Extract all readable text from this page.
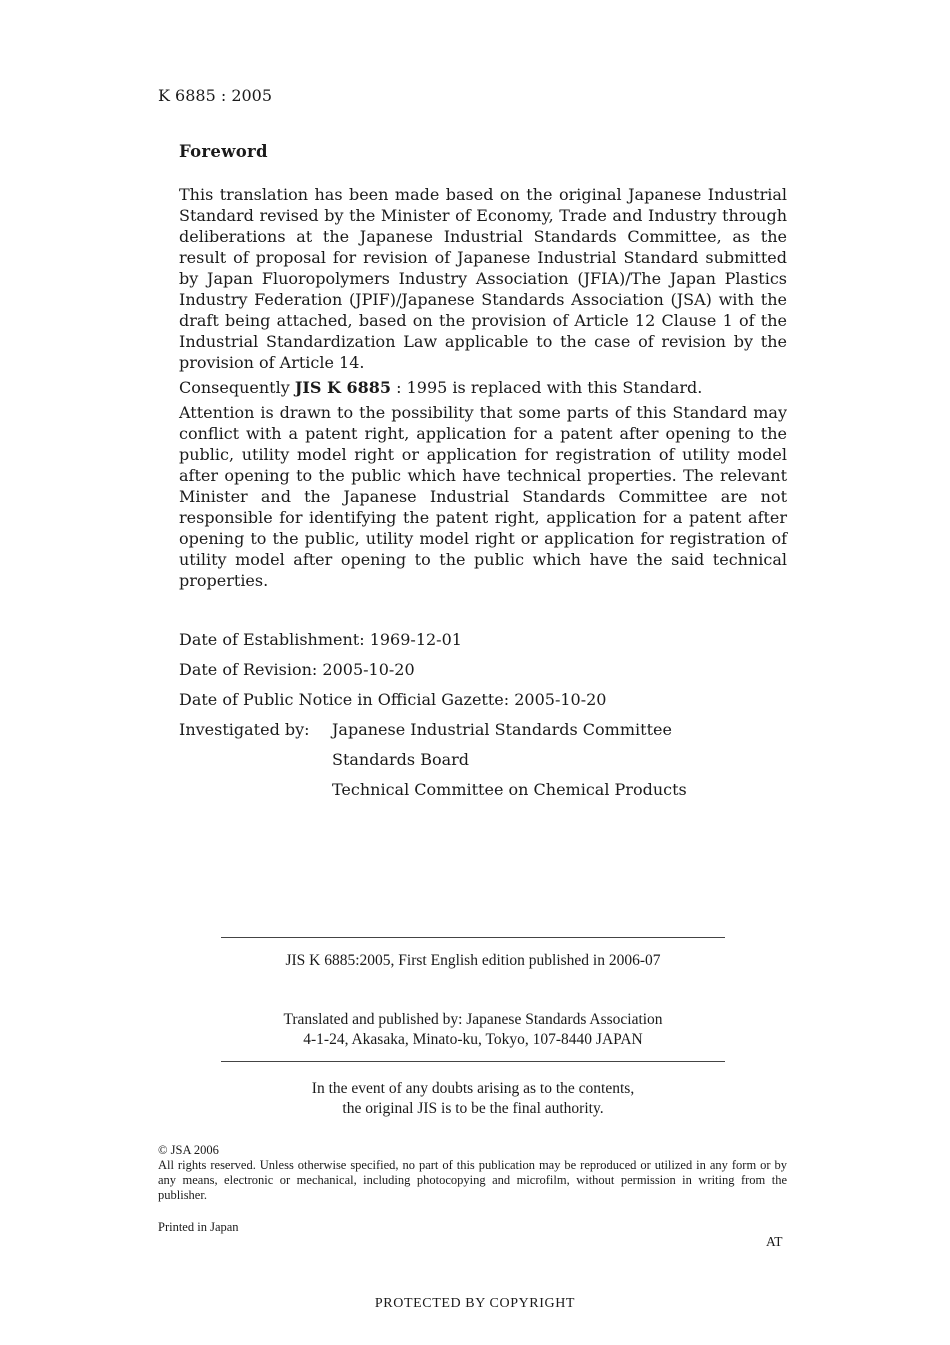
K 6885 : 2005
Foreword
This translation has been made based on the original Japanese Industrial Standard revised by the Minister of Economy, Trade and Industry through deliberations at the Japanese Industrial Standards Committee, as the result of proposal for revision of Japanese Industrial Standard submitted by Japan Fluoropolymers Industry Association (JFIA)/The Japan Plastics Industry Federation (JPIF)/Japanese Standards Association (JSA) with the draft being attached, based on the provision of Article 12 Clause 1 of the Industrial Standardization Law applicable to the case of revision by the provision of Article 14.
Consequently JIS K 6885 : 1995 is replaced with this Standard.
Attention is drawn to the possibility that some parts of this Standard may conflict with a patent right, application for a patent after opening to the public, utility model right or application for registration of utility model after opening to the public which have technical properties. The relevant Minister and the Japanese Industrial Standards Committee are not responsible for identifying the patent right, application for a patent after opening to the public, utility model right or application for registration of utility model after opening to the public which have the said technical properties.
Date of Establishment: 1969-12-01
Date of Revision: 2005-10-20
Date of Public Notice in Official Gazette: 2005-10-20
Investigated by: Japanese Industrial Standards Committee
Standards Board
Technical Committee on Chemical Products
JIS K 6885:2005, First English edition published in 2006-07
Translated and published by: Japanese Standards Association
4-1-24, Akasaka, Minato-ku, Tokyo, 107-8440 JAPAN
In the event of any doubts arising as to the contents,
the original JIS is to be the final authority.
© JSA 2006
All rights reserved. Unless otherwise specified, no part of this publication may be reproduced or utilized in any form or by any means, electronic or mechanical, including photocopying and microfilm, without permission in writing from the publisher.
Printed in Japan
AT
PROTECTED BY COPYRIGHT
